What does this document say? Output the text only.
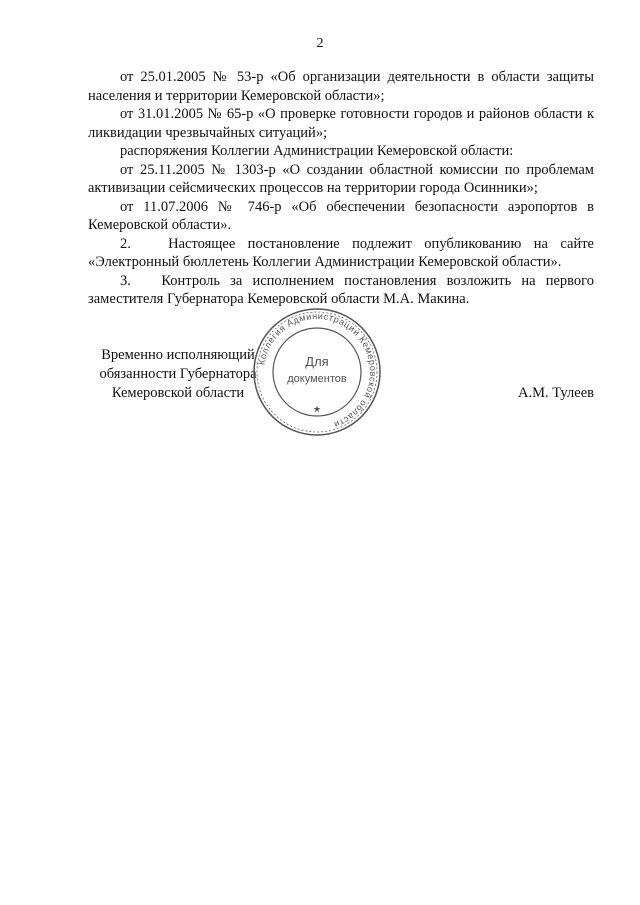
2

от 25.01.2005 № 53-р «Об организации деятельности в области защиты населения и территории Кемеровской области»;

от 31.01.2005 № 65-р «О проверке готовности городов и районов области к ликвидации чрезвычайных ситуаций»;

распоряжения Коллегии Администрации Кемеровской области:

от 25.11.2005 № 1303-р «О создании областной комиссии по проблемам активизации сейсмических процессов на территории города Осинники»;

от 11.07.2006 № 746-р «Об обеспечении безопасности аэропортов в Кемеровской области».

2.   Настоящее постановление подлежит опубликованию на сайте «Электронный бюллетень Коллегии Администрации Кемеровской области».

3.   Контроль за исполнением постановления возложить на первого заместителя Губернатора Кемеровской области М.А. Макина.

Временно исполняющий
обязанности Губернатора
Кемеровской области	А.М. Тулеев
Коллегия Администрации Кемеровской области
Для
документов
★
